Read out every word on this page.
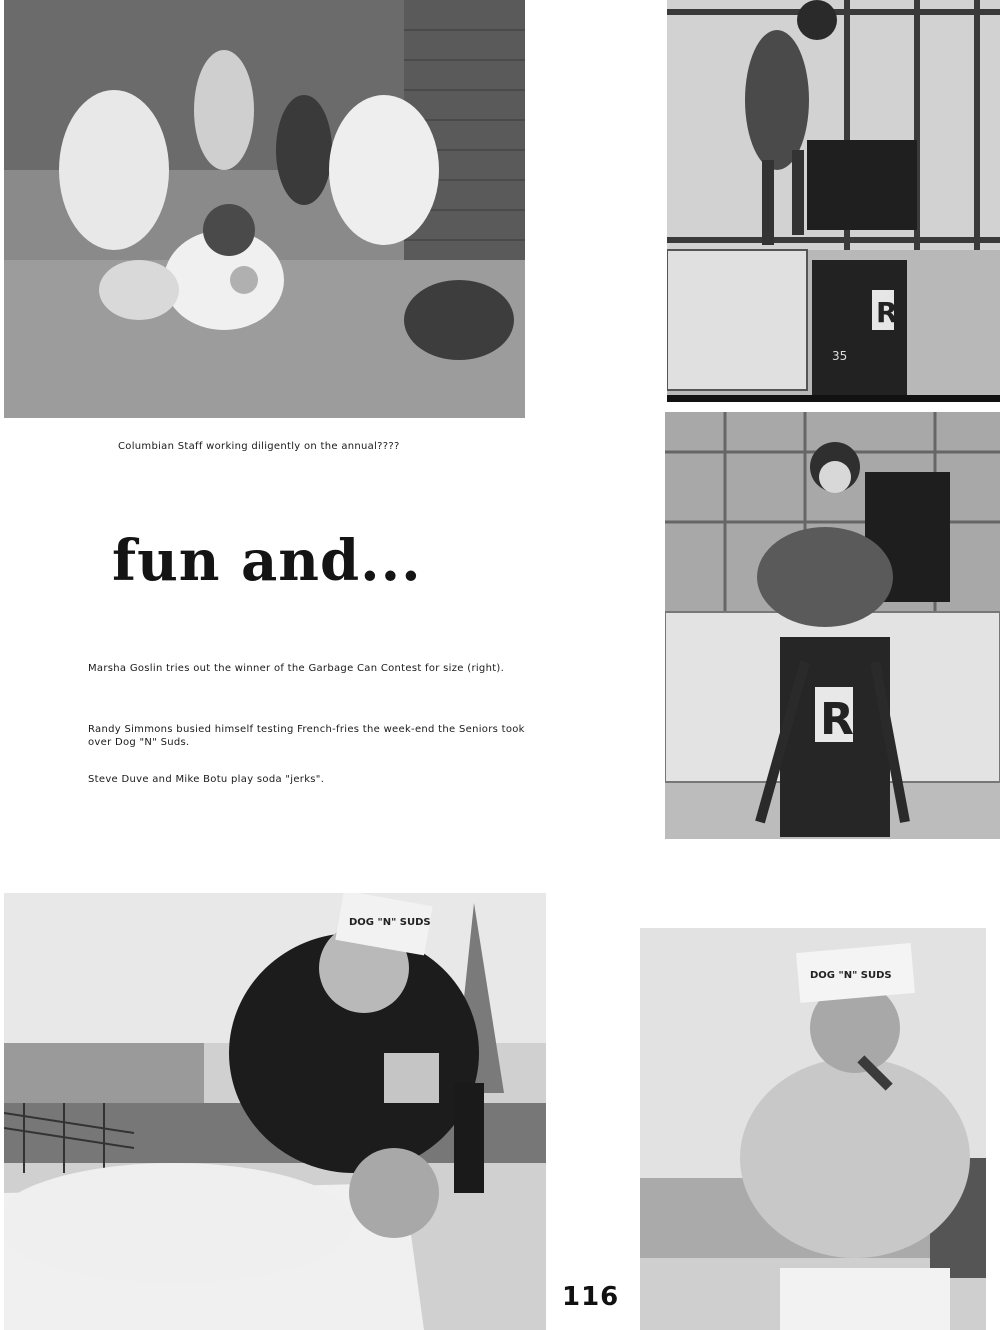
R
35
R
DOG "N" SUDS
DOG "N" SUDS
Columbian Staff working diligently on the annual????
fun and...
Marsha Goslin tries out the winner of the Garbage Can Contest for size (right).
Randy Simmons busied himself testing French-fries the week-end the Seniors took over Dog "N" Suds.
Steve Duve and Mike Botu play soda "jerks".
116
